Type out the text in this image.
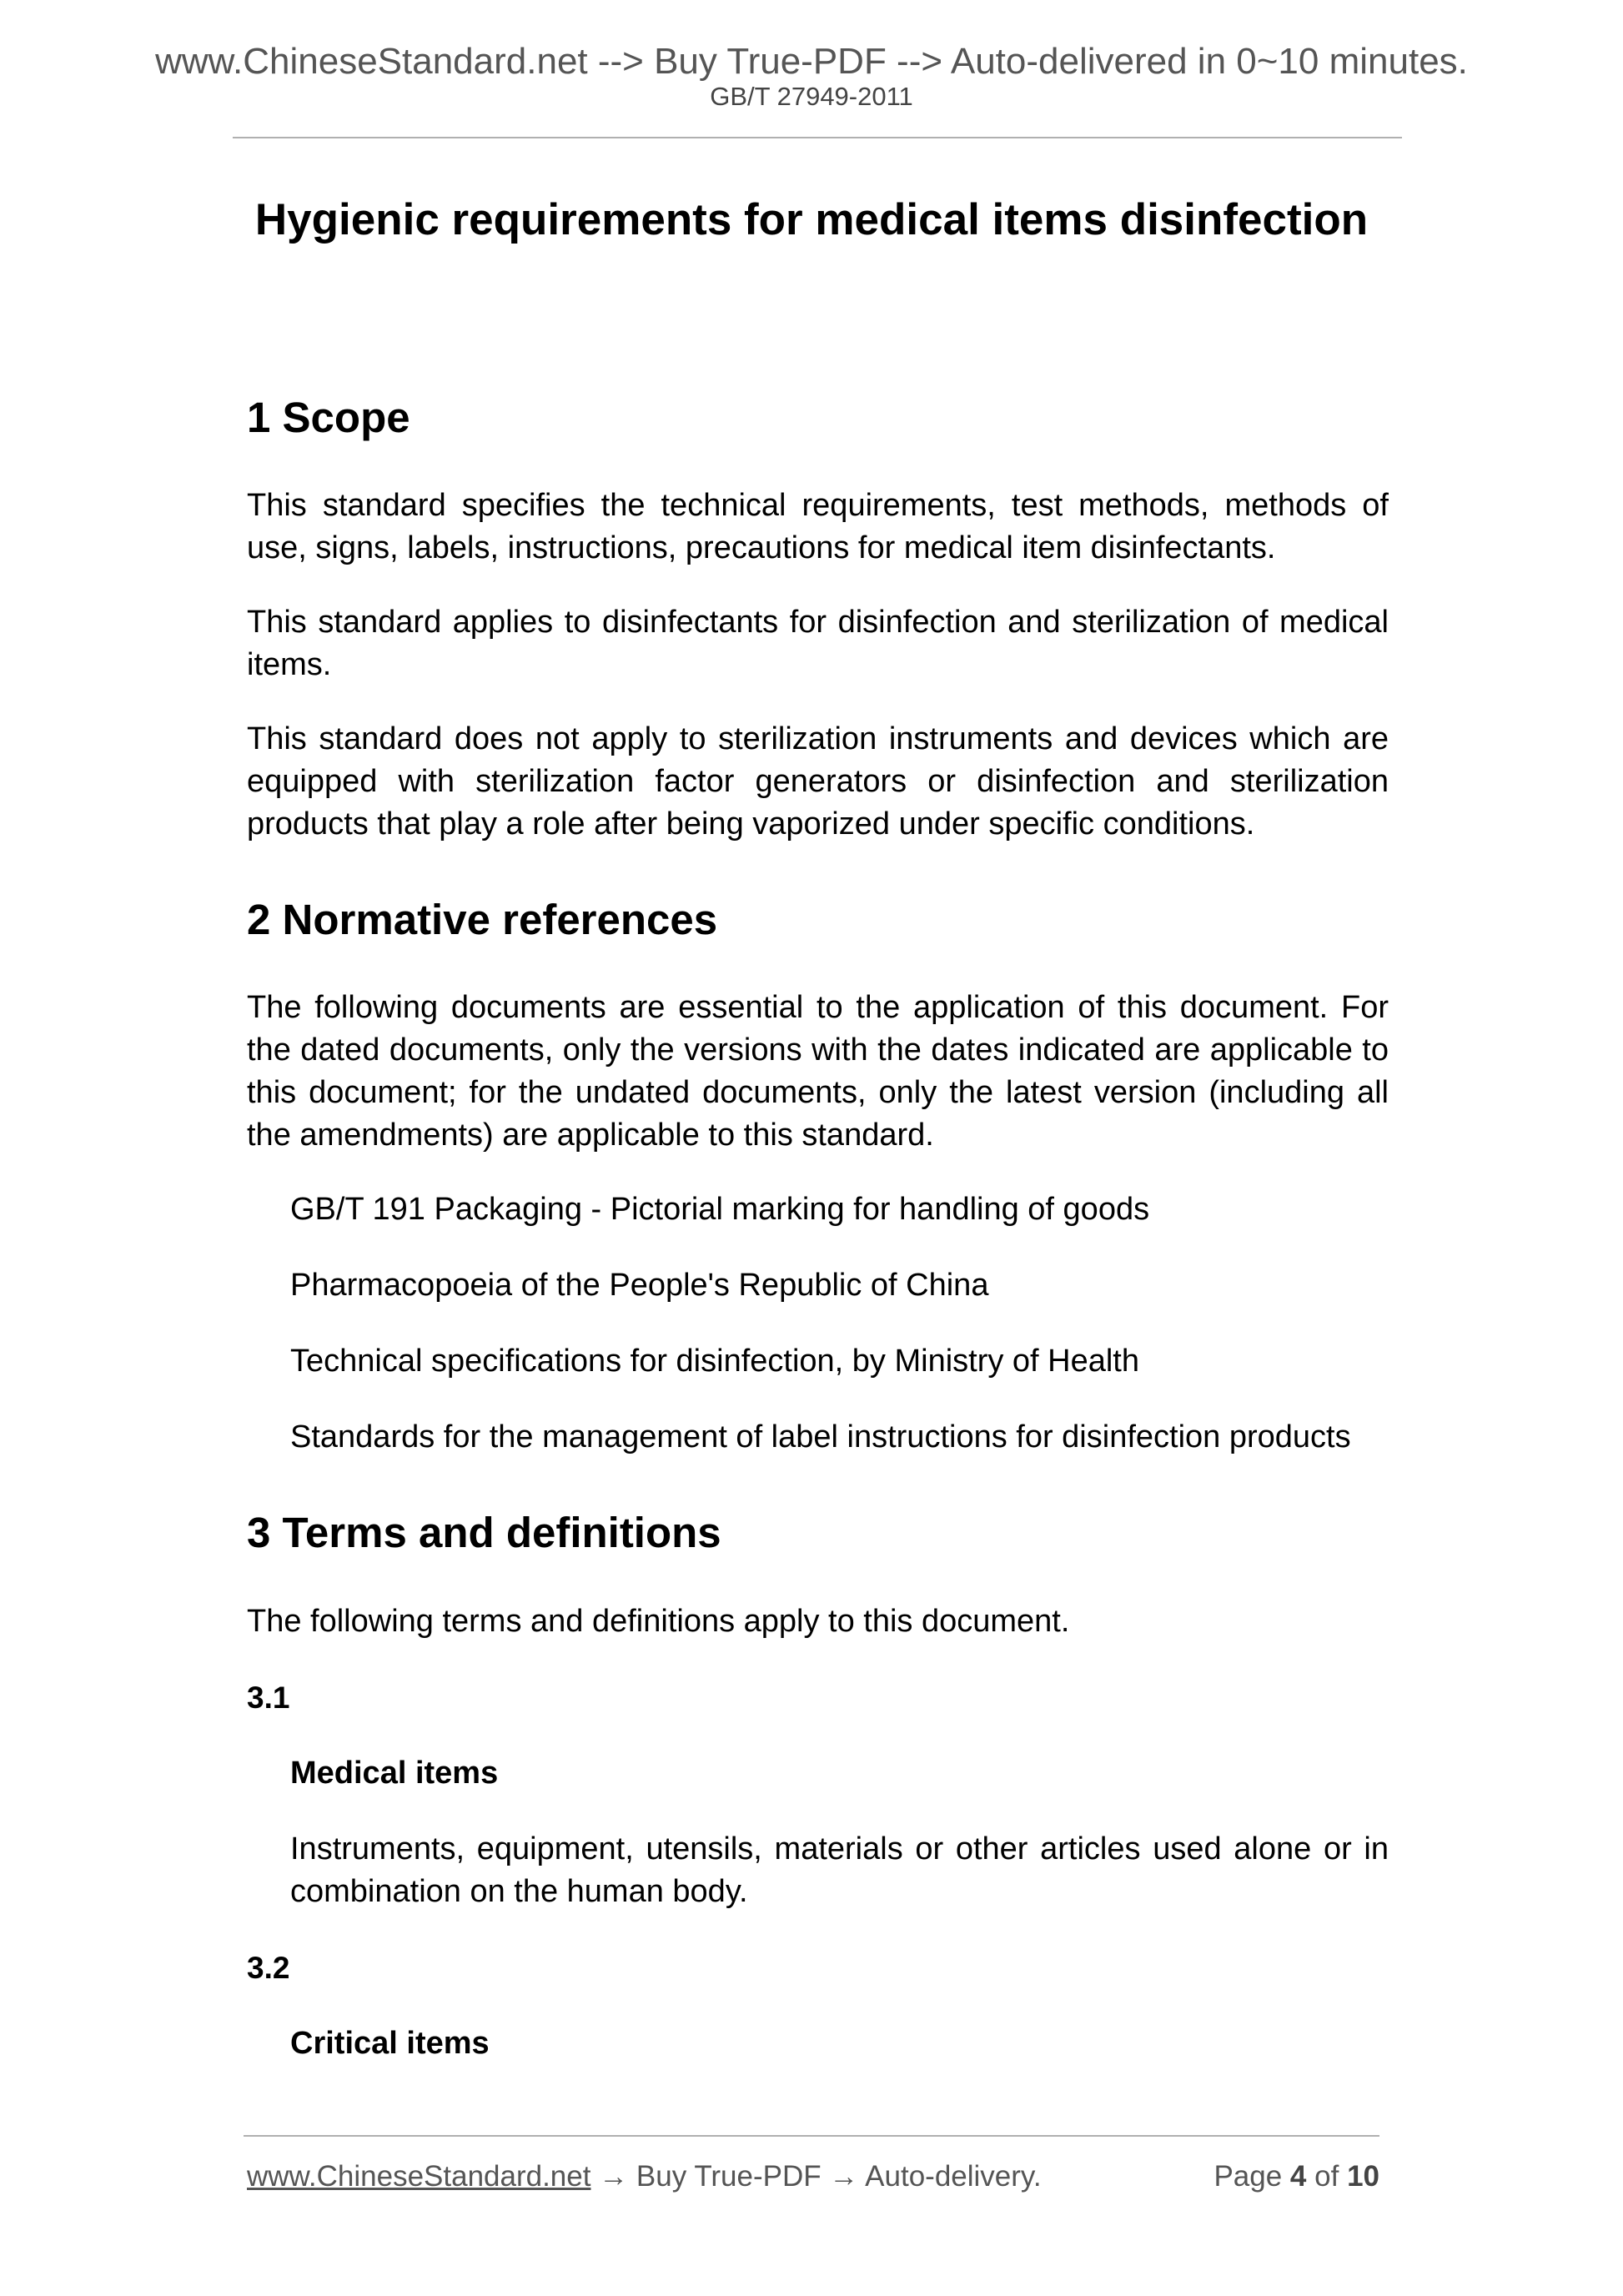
www.ChineseStandard.net --> Buy True-PDF --> Auto-delivered in 0~10 minutes.
GB/T 27949-2011
Hygienic requirements for medical items disinfection
1 Scope

This standard specifies the technical requirements, test methods, methods of use, signs, labels, instructions, precautions for medical item disinfectants.

This standard applies to disinfectants for disinfection and sterilization of medical items.

This standard does not apply to sterilization instruments and devices which are equipped with sterilization factor generators or disinfection and sterilization products that play a role after being vaporized under specific conditions.

2 Normative references

The following documents are essential to the application of this document. For the dated documents, only the versions with the dates indicated are applicable to this document; for the undated documents, only the latest version (including all the amendments) are applicable to this standard.

GB/T 191 Packaging - Pictorial marking for handling of goods

Pharmacopoeia of the People's Republic of China

Technical specifications for disinfection, by Ministry of Health

Standards for the management of label instructions for disinfection products

3 Terms and definitions

The following terms and definitions apply to this document.

3.1

Medical items

Instruments, equipment, utensils, materials or other articles used alone or in combination on the human body.

3.2

Critical items

www.ChineseStandard.net → Buy True-PDF → Auto-delivery.	Page 4 of 10
